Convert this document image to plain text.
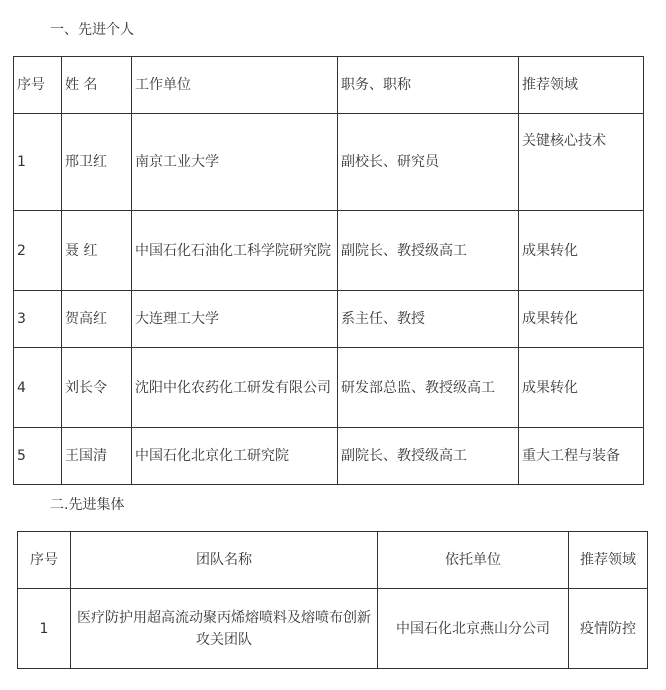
一、先进个人
序号	姓 名	工作单位	职务、职称	推荐领域
1	邢卫红	南京工业大学	副校长、研究员	关键核心技术
2	聂 红	中国石化石油化工科学院研究院	副院长、教授级高工	成果转化
3	贺高红	大连理工大学	系主任、教授	成果转化
4	刘长令	沈阳中化农药化工研发有限公司	研发部总监、教授级高工	成果转化
5	王国清	中国石化北京化工研究院	副院长、教授级高工	重大工程与装备
二.先进集体
序号	团队名称	依托单位	推荐领域
1	医疗防护用超高流动聚丙烯熔喷料及熔喷布创新攻关团队	中国石化北京燕山分公司	疫情防控
